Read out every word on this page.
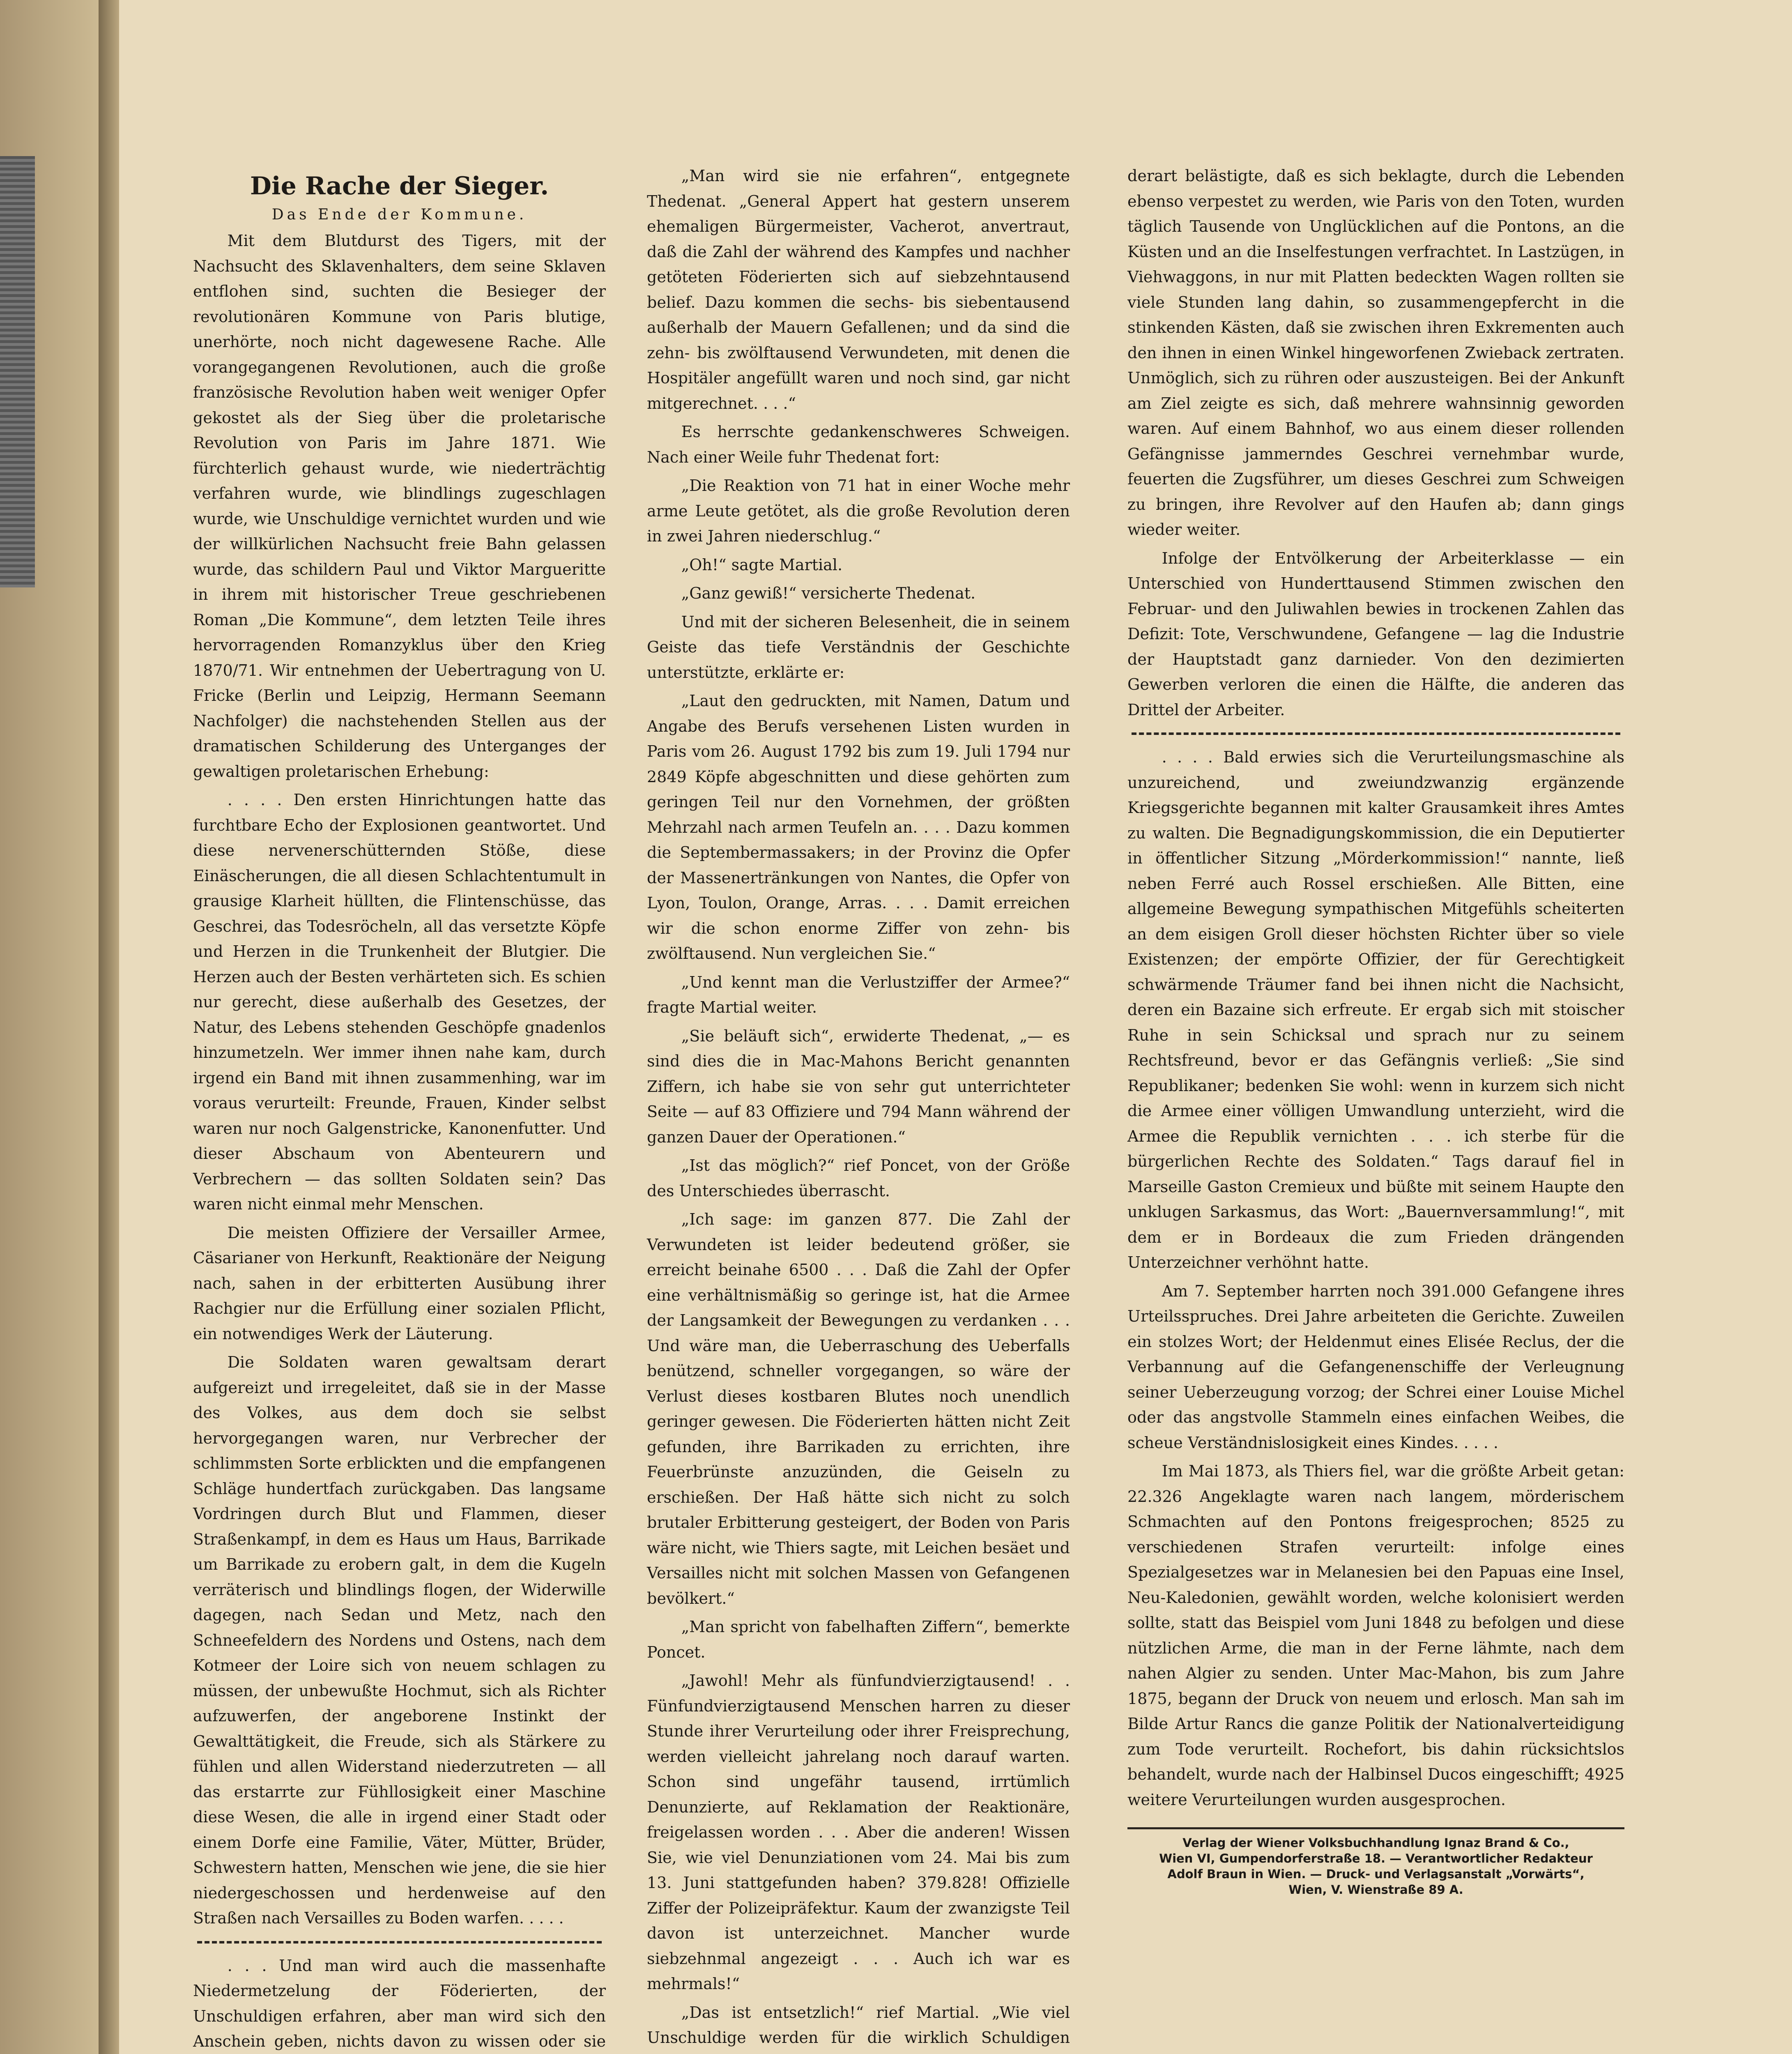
Die Rache der Sieger.
Das Ende der Kommune.

Mit dem Blutdurst des Tigers, mit der Nachsucht des Sklavenhalters, dem seine Sklaven entflohen sind, suchten die Besieger der revolutionären Kommune von Paris blutige, unerhörte, noch nicht dagewesene Rache. Alle vorangegangenen Revolutionen, auch die große französische Revolution haben weit weniger Opfer gekostet als der Sieg über die proletarische Revolution von Paris im Jahre 1871. Wie fürchterlich gehaust wurde, wie niederträchtig verfahren wurde, wie blindlings zugeschlagen wurde, wie Unschuldige vernichtet wurden und wie der willkürlichen Nachsucht freie Bahn gelassen wurde, das schildern Paul und Viktor Margueritte in ihrem mit historischer Treue geschriebenen Roman „Die Kommune“, dem letzten Teile ihres hervorragenden Romanzyklus über den Krieg 1870/71. Wir entnehmen der Uebertragung von U. Fricke (Berlin und Leipzig, Hermann Seemann Nachfolger) die nachstehenden Stellen aus der dramatischen Schilderung des Unterganges der gewaltigen proletarischen Erhebung:

. . . . Den ersten Hinrichtungen hatte das furchtbare Echo der Explosionen geantwortet. Und diese nervenerschütternden Stöße, diese Einäscherungen, die all diesen Schlachtentumult in grausige Klarheit hüllten, die Flintenschüsse, das Geschrei, das Todesröcheln, all das versetzte Köpfe und Herzen in die Trunkenheit der Blutgier. Die Herzen auch der Besten verhärteten sich. Es schien nur gerecht, diese außerhalb des Gesetzes, der Natur, des Lebens stehenden Geschöpfe gnadenlos hinzumetzeln. Wer immer ihnen nahe kam, durch irgend ein Band mit ihnen zusammenhing, war im voraus verurteilt: Freunde, Frauen, Kinder selbst waren nur noch Galgenstricke, Kanonenfutter. Und dieser Abschaum von Abenteurern und Verbrechern — das sollten Soldaten sein? Das waren nicht einmal mehr Menschen.

Die meisten Offiziere der Versailler Armee, Cäsarianer von Herkunft, Reaktionäre der Neigung nach, sahen in der erbitterten Ausübung ihrer Rachgier nur die Erfüllung einer sozialen Pflicht, ein notwendiges Werk der Läuterung.

Die Soldaten waren gewaltsam derart aufgereizt und irregeleitet, daß sie in der Masse des Volkes, aus dem doch sie selbst hervorgegangen waren, nur Verbrecher der schlimmsten Sorte erblickten und die empfangenen Schläge hundertfach zurückgaben. Das langsame Vordringen durch Blut und Flammen, dieser Straßenkampf, in dem es Haus um Haus, Barrikade um Barrikade zu erobern galt, in dem die Kugeln verräterisch und blindlings flogen, der Widerwille dagegen, nach Sedan und Metz, nach den Schneefeldern des Nordens und Ostens, nach dem Kotmeer der Loire sich von neuem schlagen zu müssen, der unbewußte Hochmut, sich als Richter aufzuwerfen, der angeborene Instinkt der Gewalttätigkeit, die Freude, sich als Stärkere zu fühlen und allen Widerstand niederzutreten — all das erstarrte zur Fühllosigkeit einer Maschine diese Wesen, die alle in irgend einer Stadt oder einem Dorfe eine Familie, Väter, Mütter, Brüder, Schwestern hatten, Menschen wie jene, die sie hier niedergeschossen und herdenweise auf den Straßen nach Versailles zu Boden warfen. . . . .

. . . Und man wird auch die massenhafte Niedermetzelung der Föderierten, der Unschuldigen erfahren, aber man wird sich den Anschein geben, nichts davon zu wissen oder sie

„Man wird sie nie erfahren“, entgegnete Thedenat. „General Appert hat gestern unserem ehemaligen Bürgermeister, Vacherot, anvertraut, daß die Zahl der während des Kampfes und nachher getöteten Föderierten sich auf siebzehntausend belief. Dazu kommen die sechs- bis siebentausend außerhalb der Mauern Gefallenen; und da sind die zehn- bis zwölftausend Verwundeten, mit denen die Hospitäler angefüllt waren und noch sind, gar nicht mitgerechnet. . . .“

Es herrschte gedankenschweres Schweigen. Nach einer Weile fuhr Thedenat fort:

„Die Reaktion von 71 hat in einer Woche mehr arme Leute getötet, als die große Revolution deren in zwei Jahren niederschlug.“

„Oh!“ sagte Martial.

„Ganz gewiß!“ versicherte Thedenat.

Und mit der sicheren Belesenheit, die in seinem Geiste das tiefe Verständnis der Geschichte unterstützte, erklärte er:

„Laut den gedruckten, mit Namen, Datum und Angabe des Berufs versehenen Listen wurden in Paris vom 26. August 1792 bis zum 19. Juli 1794 nur 2849 Köpfe abgeschnitten und diese gehörten zum geringen Teil nur den Vornehmen, der größten Mehrzahl nach armen Teufeln an. . . . Dazu kommen die Septembermassakers; in der Provinz die Opfer der Massenertränkungen von Nantes, die Opfer von Lyon, Toulon, Orange, Arras. . . . Damit erreichen wir die schon enorme Ziffer von zehn- bis zwölftausend. Nun vergleichen Sie.“

„Und kennt man die Verlustziffer der Armee?“ fragte Martial weiter.

„Sie beläuft sich“, erwiderte Thedenat, „— es sind dies die in Mac-Mahons Bericht genannten Ziffern, ich habe sie von sehr gut unterrichteter Seite — auf 83 Offiziere und 794 Mann während der ganzen Dauer der Operationen.“

„Ist das möglich?“ rief Poncet, von der Größe des Unterschiedes überrascht.

„Ich sage: im ganzen 877. Die Zahl der Verwundeten ist leider bedeutend größer, sie erreicht beinahe 6500 . . . Daß die Zahl der Opfer eine verhältnismäßig so geringe ist, hat die Armee der Langsamkeit der Bewegungen zu verdanken . . . Und wäre man, die Ueberraschung des Ueberfalls benützend, schneller vorgegangen, so wäre der Verlust dieses kostbaren Blutes noch unendlich geringer gewesen. Die Föderierten hätten nicht Zeit gefunden, ihre Barrikaden zu errichten, ihre Feuerbrünste anzuzünden, die Geiseln zu erschießen. Der Haß hätte sich nicht zu solch brutaler Erbitterung gesteigert, der Boden von Paris wäre nicht, wie Thiers sagte, mit Leichen besäet und Versailles nicht mit solchen Massen von Gefangenen bevölkert.“

„Man spricht von fabelhaften Ziffern“, bemerkte Poncet.

„Jawohl! Mehr als fünfundvierzigtausend! . . Fünfundvierzigtausend Menschen harren zu dieser Stunde ihrer Verurteilung oder ihrer Freisprechung, werden vielleicht jahrelang noch darauf warten. Schon sind ungefähr tausend, irrtümlich Denunzierte, auf Reklamation der Reaktionäre, freigelassen worden . . . Aber die anderen! Wissen Sie, wie viel Denunziationen vom 24. Mai bis zum 13. Juni stattgefunden haben? 379.828! Offizielle Ziffer der Polizeipräfektur. Kaum der zwanzigste Teil davon ist unterzeichnet. Mancher wurde siebzehnmal angezeigt . . . Auch ich war es mehrmals!“

„Das ist entsetzlich!“ rief Martial. „Wie viel Unschuldige werden für die wirklich Schuldigen

derart belästigte, daß es sich beklagte, durch die Lebenden ebenso verpestet zu werden, wie Paris von den Toten, wurden täglich Tausende von Unglücklichen auf die Pontons, an die Küsten und an die Inselfestungen verfrachtet. In Lastzügen, in Viehwaggons, in nur mit Platten bedeckten Wagen rollten sie viele Stunden lang dahin, so zusammengepfercht in die stinkenden Kästen, daß sie zwischen ihren Exkrementen auch den ihnen in einen Winkel hingeworfenen Zwieback zertraten. Unmöglich, sich zu rühren oder auszusteigen. Bei der Ankunft am Ziel zeigte es sich, daß mehrere wahnsinnig geworden waren. Auf einem Bahnhof, wo aus einem dieser rollenden Gefängnisse jammerndes Geschrei vernehmbar wurde, feuerten die Zugsführer, um dieses Geschrei zum Schweigen zu bringen, ihre Revolver auf den Haufen ab; dann gings wieder weiter.

Infolge der Entvölkerung der Arbeiterklasse — ein Unterschied von Hunderttausend Stimmen zwischen den Februar- und den Juliwahlen bewies in trockenen Zahlen das Defizit: Tote, Verschwundene, Gefangene — lag die Industrie der Hauptstadt ganz darnieder. Von den dezimierten Gewerben verloren die einen die Hälfte, die anderen das Drittel der Arbeiter.

. . . . Bald erwies sich die Verurteilungsmaschine als unzureichend, und zweiundzwanzig ergänzende Kriegsgerichte begannen mit kalter Grausamkeit ihres Amtes zu walten. Die Begnadigungskommission, die ein Deputierter in öffentlicher Sitzung „Mörderkommission!“ nannte, ließ neben Ferré auch Rossel erschießen. Alle Bitten, eine allgemeine Bewegung sympathischen Mitgefühls scheiterten an dem eisigen Groll dieser höchsten Richter über so viele Existenzen; der empörte Offizier, der für Gerechtigkeit schwärmende Träumer fand bei ihnen nicht die Nachsicht, deren ein Bazaine sich erfreute. Er ergab sich mit stoischer Ruhe in sein Schicksal und sprach nur zu seinem Rechtsfreund, bevor er das Gefängnis verließ: „Sie sind Republikaner; bedenken Sie wohl: wenn in kurzem sich nicht die Armee einer völligen Umwandlung unterzieht, wird die Armee die Republik vernichten . . . ich sterbe für die bürgerlichen Rechte des Soldaten.“ Tags darauf fiel in Marseille Gaston Cremieux und büßte mit seinem Haupte den unklugen Sarkasmus, das Wort: „Bauernversammlung!“, mit dem er in Bordeaux die zum Frieden drängenden Unterzeichner verhöhnt hatte.

Am 7. September harrten noch 391.000 Gefangene ihres Urteilsspruches. Drei Jahre arbeiteten die Gerichte. Zuweilen ein stolzes Wort; der Heldenmut eines Elisée Reclus, der die Verbannung auf die Gefangenenschiffe der Verleugnung seiner Ueberzeugung vorzog; der Schrei einer Louise Michel oder das angstvolle Stammeln eines einfachen Weibes, die scheue Verständnislosigkeit eines Kindes. . . . .

Im Mai 1873, als Thiers fiel, war die größte Arbeit getan: 22.326 Angeklagte waren nach langem, mörderischem Schmachten auf den Pontons freigesprochen; 8525 zu verschiedenen Strafen verurteilt: infolge eines Spezialgesetzes war in Melanesien bei den Papuas eine Insel, Neu-Kaledonien, gewählt worden, welche kolonisiert werden sollte, statt das Beispiel vom Juni 1848 zu befolgen und diese nützlichen Arme, die man in der Ferne lähmte, nach dem nahen Algier zu senden. Unter Mac-Mahon, bis zum Jahre 1875, begann der Druck von neuem und erlosch. Man sah im Bilde Artur Rancs die ganze Politik der Nationalverteidigung zum Tode verurteilt. Rochefort, bis dahin rücksichtslos behandelt, wurde nach der Halbinsel Ducos eingeschifft; 4925 weitere Verurteilungen wurden ausgesprochen.

Verlag der Wiener Volksbuchhandlung Ignaz Brand & Co.,
Wien VI, Gumpendorferstraße 18. — Verantwortlicher Redakteur
Adolf Braun in Wien. — Druck- und Verlagsanstalt „Vorwärts“,
Wien, V. Wienstraße 89 A.
